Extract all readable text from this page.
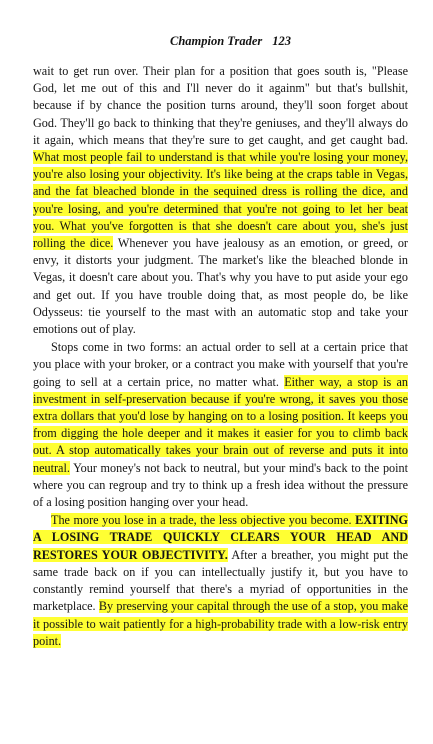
Champion Trader 123

wait to get run over. Their plan for a position that goes south is, "Please God, let me out of this and I'll never do it againm" but that's bullshit, because if by chance the position turns around, they'll soon forget about God. They'll go back to thinking that they're geniuses, and they'll always do it again, which means that they're sure to get caught, and get caught bad. What most people fail to understand is that while you're losing your money, you're also losing your objectivity. It's like being at the craps table in Vegas, and the fat bleached blonde in the sequined dress is rolling the dice, and you're losing, and you're determined that you're not going to let her beat you. What you've forgotten is that she doesn't care about you, she's just rolling the dice. Whenever you have jealousy as an emotion, or greed, or envy, it distorts your judgment. The market's like the bleached blonde in Vegas, it doesn't care about you. That's why you have to put aside your ego and get out. If you have trouble doing that, as most people do, be like Odysseus: tie yourself to the mast with an automatic stop and take your emotions out of play.

Stops come in two forms: an actual order to sell at a certain price that you place with your broker, or a contract you make with yourself that you're going to sell at a certain price, no matter what. Either way, a stop is an investment in self-preservation because if you're wrong, it saves you those extra dollars that you'd lose by hanging on to a losing position. It keeps you from digging the hole deeper and it makes it easier for you to climb back out. A stop automatically takes your brain out of reverse and puts it into neutral. Your money's not back to neutral, but your mind's back to the point where you can regroup and try to think up a fresh idea without the pressure of a losing position hanging over your head.

The more you lose in a trade, the less objective you become. EXITING A LOSING TRADE QUICKLY CLEARS YOUR HEAD AND RESTORES YOUR OBJECTIVITY. After a breather, you might put the same trade back on if you can intellectually justify it, but you have to constantly remind yourself that there's a myriad of opportunities in the marketplace. By preserving your capital through the use of a stop, you make it possible to wait patiently for a high-probability trade with a low-risk entry point.
